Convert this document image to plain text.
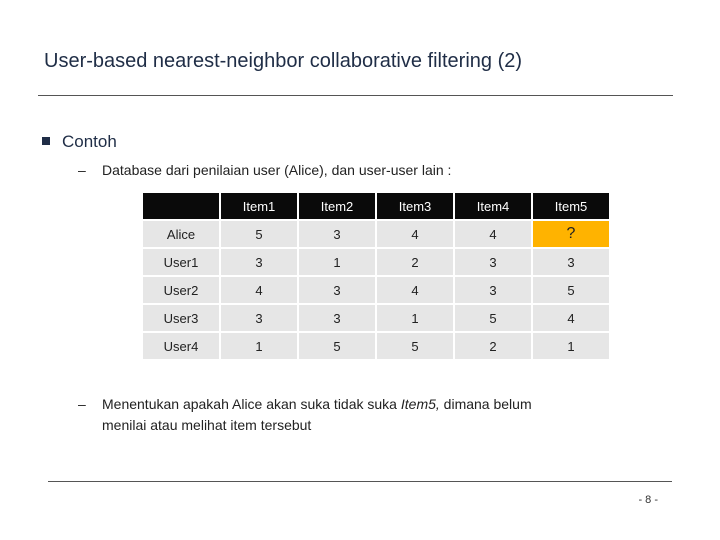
User-based nearest-neighbor collaborative filtering (2)
Contoh
– Database dari penilaian user (Alice), dan user-user lain :
	Item1	Item2	Item3	Item4	Item5
Alice	5	3	4	4	?
User1	3	1	2	3	3
User2	4	3	4	3	5
User3	3	3	1	5	4
User4	1	5	5	2	1
– Menentukan apakah Alice akan suka tidak suka Item5, dimana belum
menilai atau melihat item tersebut
- 8 -
